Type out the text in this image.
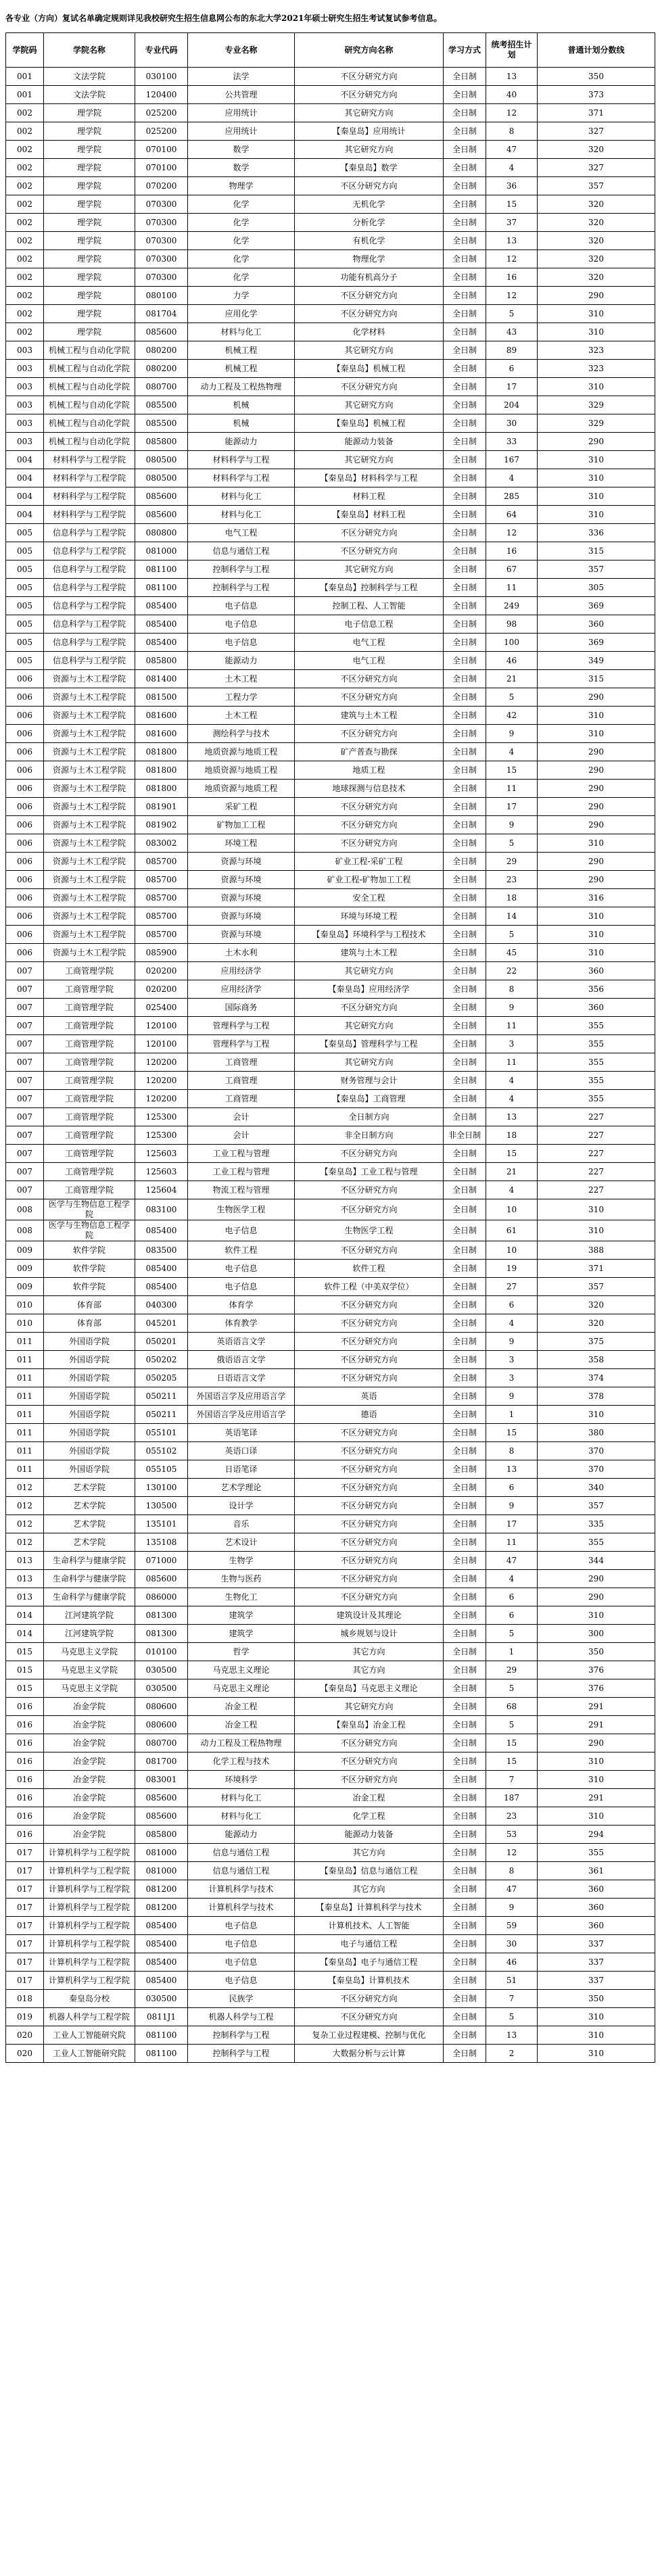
各专业（方向）复试名单确定规则详见我校研究生招生信息网公布的东北大学2021年硕士研究生招生考试复试参考信息。
学院码	学院名称	专业代码	专业名称	研究方向名称	学习方式	统考招生计划	普通计划分数线
001	文法学院	030100	法学	不区分研究方向	全日制	13	350
001	文法学院	120400	公共管理	不区分研究方向	全日制	40	373
002	理学院	025200	应用统计	其它研究方向	全日制	12	371
002	理学院	025200	应用统计	【秦皇岛】应用统计	全日制	8	327
002	理学院	070100	数学	其它研究方向	全日制	47	320
002	理学院	070100	数学	【秦皇岛】数学	全日制	4	327
002	理学院	070200	物理学	不区分研究方向	全日制	36	357
002	理学院	070300	化学	无机化学	全日制	15	320
002	理学院	070300	化学	分析化学	全日制	37	320
002	理学院	070300	化学	有机化学	全日制	13	320
002	理学院	070300	化学	物理化学	全日制	12	320
002	理学院	070300	化学	功能有机高分子	全日制	16	320
002	理学院	080100	力学	不区分研究方向	全日制	12	290
002	理学院	081704	应用化学	不区分研究方向	全日制	5	310
002	理学院	085600	材料与化工	化学材料	全日制	43	310
003	机械工程与自动化学院	080200	机械工程	其它研究方向	全日制	89	323
003	机械工程与自动化学院	080200	机械工程	【秦皇岛】机械工程	全日制	6	323
003	机械工程与自动化学院	080700	动力工程及工程热物理	不区分研究方向	全日制	17	310
003	机械工程与自动化学院	085500	机械	其它研究方向	全日制	204	329
003	机械工程与自动化学院	085500	机械	【秦皇岛】机械工程	全日制	30	329
003	机械工程与自动化学院	085800	能源动力	能源动力装备	全日制	33	290
004	材料科学与工程学院	080500	材料科学与工程	其它研究方向	全日制	167	310
004	材料科学与工程学院	080500	材料科学与工程	【秦皇岛】材料科学与工程	全日制	4	310
004	材料科学与工程学院	085600	材料与化工	材料工程	全日制	285	310
004	材料科学与工程学院	085600	材料与化工	【秦皇岛】材料工程	全日制	64	310
005	信息科学与工程学院	080800	电气工程	不区分研究方向	全日制	12	336
005	信息科学与工程学院	081000	信息与通信工程	不区分研究方向	全日制	16	315
005	信息科学与工程学院	081100	控制科学与工程	其它研究方向	全日制	67	357
005	信息科学与工程学院	081100	控制科学与工程	【秦皇岛】控制科学与工程	全日制	11	305
005	信息科学与工程学院	085400	电子信息	控制工程、人工智能	全日制	249	369
005	信息科学与工程学院	085400	电子信息	电子信息工程	全日制	98	360
005	信息科学与工程学院	085400	电子信息	电气工程	全日制	100	369
005	信息科学与工程学院	085800	能源动力	电气工程	全日制	46	349
006	资源与土木工程学院	081400	土木工程	不区分研究方向	全日制	21	315
006	资源与土木工程学院	081500	工程力学	不区分研究方向	全日制	5	290
006	资源与土木工程学院	081600	土木工程	建筑与土木工程	全日制	42	310
006	资源与土木工程学院	081600	测绘科学与技术	不区分研究方向	全日制	9	310
006	资源与土木工程学院	081800	地质资源与地质工程	矿产普查与勘探	全日制	4	290
006	资源与土木工程学院	081800	地质资源与地质工程	地质工程	全日制	15	290
006	资源与土木工程学院	081800	地质资源与地质工程	地球探测与信息技术	全日制	11	290
006	资源与土木工程学院	081901	采矿工程	不区分研究方向	全日制	17	290
006	资源与土木工程学院	081902	矿物加工工程	不区分研究方向	全日制	9	290
006	资源与土木工程学院	083002	环境工程	不区分研究方向	全日制	5	310
006	资源与土木工程学院	085700	资源与环境	矿业工程-采矿工程	全日制	29	290
006	资源与土木工程学院	085700	资源与环境	矿业工程-矿物加工工程	全日制	23	290
006	资源与土木工程学院	085700	资源与环境	安全工程	全日制	18	316
006	资源与土木工程学院	085700	资源与环境	环境与环境工程	全日制	14	310
006	资源与土木工程学院	085700	资源与环境	【秦皇岛】环境科学与工程技术	全日制	5	310
006	资源与土木工程学院	085900	土木水利	建筑与土木工程	全日制	45	310
007	工商管理学院	020200	应用经济学	其它研究方向	全日制	22	360
007	工商管理学院	020200	应用经济学	【秦皇岛】应用经济学	全日制	8	356
007	工商管理学院	025400	国际商务	不区分研究方向	全日制	9	360
007	工商管理学院	120100	管理科学与工程	其它研究方向	全日制	11	355
007	工商管理学院	120100	管理科学与工程	【秦皇岛】管理科学与工程	全日制	3	355
007	工商管理学院	120200	工商管理	其它研究方向	全日制	11	355
007	工商管理学院	120200	工商管理	财务管理与会计	全日制	4	355
007	工商管理学院	120200	工商管理	【秦皇岛】工商管理	全日制	4	355
007	工商管理学院	125300	会计	全日制方向	全日制	13	227
007	工商管理学院	125300	会计	非全日制方向	非全日制	18	227
007	工商管理学院	125603	工业工程与管理	不区分研究方向	全日制	15	227
007	工商管理学院	125603	工业工程与管理	【秦皇岛】工业工程与管理	全日制	21	227
007	工商管理学院	125604	物流工程与管理	不区分研究方向	全日制	4	227
008	医学与生物信息工程学院	083100	生物医学工程	不区分研究方向	全日制	10	310
008	医学与生物信息工程学院	085400	电子信息	生物医学工程	全日制	61	310
009	软件学院	083500	软件工程	不区分研究方向	全日制	10	388
009	软件学院	085400	电子信息	软件工程	全日制	19	371
009	软件学院	085400	电子信息	软件工程（中美双学位）	全日制	27	357
010	体育部	040300	体育学	不区分研究方向	全日制	6	320
010	体育部	045201	体育教学	不区分研究方向	全日制	4	320
011	外国语学院	050201	英语语言文学	不区分研究方向	全日制	9	375
011	外国语学院	050202	俄语语言文学	不区分研究方向	全日制	3	358
011	外国语学院	050205	日语语言文学	不区分研究方向	全日制	3	374
011	外国语学院	050211	外国语言学及应用语言学	英语	全日制	9	378
011	外国语学院	050211	外国语言学及应用语言学	德语	全日制	1	310
011	外国语学院	055101	英语笔译	不区分研究方向	全日制	15	380
011	外国语学院	055102	英语口译	不区分研究方向	全日制	8	370
011	外国语学院	055105	日语笔译	不区分研究方向	全日制	13	370
012	艺术学院	130100	艺术学理论	不区分研究方向	全日制	6	340
012	艺术学院	130500	设计学	不区分研究方向	全日制	9	357
012	艺术学院	135101	音乐	不区分研究方向	全日制	17	335
012	艺术学院	135108	艺术设计	不区分研究方向	全日制	11	355
013	生命科学与健康学院	071000	生物学	不区分研究方向	全日制	47	344
013	生命科学与健康学院	085600	生物与医药	不区分研究方向	全日制	4	290
013	生命科学与健康学院	086000	生物化工	不区分研究方向	全日制	6	290
014	江河建筑学院	081300	建筑学	建筑设计及其理论	全日制	6	310
014	江河建筑学院	081300	建筑学	城乡规划与设计	全日制	5	300
015	马克思主义学院	010100	哲学	其它方向	全日制	1	350
015	马克思主义学院	030500	马克思主义理论	其它方向	全日制	29	376
015	马克思主义学院	030500	马克思主义理论	【秦皇岛】马克思主义理论	全日制	5	376
016	冶金学院	080600	冶金工程	其它研究方向	全日制	68	291
016	冶金学院	080600	冶金工程	【秦皇岛】冶金工程	全日制	5	291
016	冶金学院	080700	动力工程及工程热物理	不区分研究方向	全日制	15	290
016	冶金学院	081700	化学工程与技术	不区分研究方向	全日制	15	310
016	冶金学院	083001	环境科学	不区分研究方向	全日制	7	310
016	冶金学院	085600	材料与化工	冶金工程	全日制	187	291
016	冶金学院	085600	材料与化工	化学工程	全日制	23	310
016	冶金学院	085800	能源动力	能源动力装备	全日制	53	294
017	计算机科学与工程学院	081000	信息与通信工程	其它方向	全日制	12	355
017	计算机科学与工程学院	081000	信息与通信工程	【秦皇岛】信息与通信工程	全日制	8	361
017	计算机科学与工程学院	081200	计算机科学与技术	其它方向	全日制	47	360
017	计算机科学与工程学院	081200	计算机科学与技术	【秦皇岛】计算机科学与技术	全日制	9	360
017	计算机科学与工程学院	085400	电子信息	计算机技术、人工智能	全日制	59	360
017	计算机科学与工程学院	085400	电子信息	电子与通信工程	全日制	30	337
017	计算机科学与工程学院	085400	电子信息	【秦皇岛】电子与通信工程	全日制	46	337
017	计算机科学与工程学院	085400	电子信息	【秦皇岛】计算机技术	全日制	51	337
018	秦皇岛分校	030500	民族学	不区分研究方向	全日制	7	350
019	机器人科学与工程学院	0811J1	机器人科学与工程	不区分研究方向	全日制	5	310
020	工业人工智能研究院	081100	控制科学与工程	复杂工业过程建模、控制与优化	全日制	13	310
020	工业人工智能研究院	081100	控制科学与工程	大数据分析与云计算	全日制	2	310
